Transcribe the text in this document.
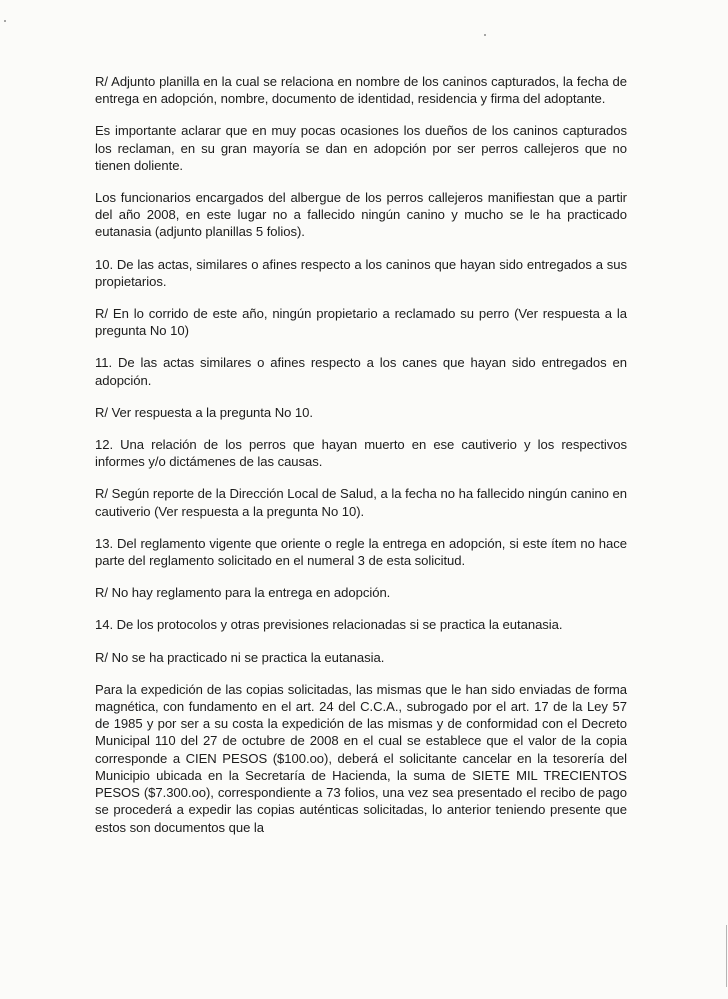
R/ Adjunto planilla en la cual se relaciona en nombre de los caninos capturados, la fecha de entrega en adopción, nombre, documento de identidad, residencia y firma del adoptante.

Es importante aclarar que en muy pocas ocasiones los dueños de los caninos capturados los reclaman, en su gran mayoría se dan en adopción por ser perros callejeros que no tienen doliente.

Los funcionarios encargados del albergue de los perros callejeros manifiestan que a partir del año 2008, en este lugar no a fallecido ningún canino y mucho se le ha practicado eutanasia (adjunto planillas 5 folios).

10. De las actas, similares o afines respecto a los caninos que hayan sido entregados a sus propietarios.

R/ En lo corrido de este año, ningún propietario a reclamado su perro (Ver respuesta a la pregunta No 10)

11. De las actas similares o afines respecto a los canes que hayan sido entregados en adopción.

R/ Ver respuesta a la pregunta No 10.

12. Una relación de los perros que hayan muerto en ese cautiverio y los respectivos informes y/o dictámenes de las causas.

R/ Según reporte de la Dirección Local de Salud, a la fecha no ha fallecido ningún canino en cautiverio (Ver respuesta a la pregunta No 10).

13. Del reglamento vigente que oriente o regle la entrega en adopción, si este ítem no hace parte del reglamento solicitado en el numeral 3 de esta solicitud.

R/ No hay reglamento para la entrega en adopción.

14. De los protocolos y otras previsiones relacionadas si se practica la eutanasia.

R/ No se ha practicado ni se practica la eutanasia.

Para la expedición de las copias solicitadas, las mismas que le han sido enviadas de forma magnética, con fundamento en el art. 24 del C.C.A., subrogado por el art. 17 de la Ley 57 de 1985 y por ser a su costa la expedición de las mismas y de conformidad con el Decreto Municipal 110 del 27 de octubre de 2008 en el cual se establece que el valor de la copia corresponde a CIEN PESOS ($100.oo), deberá el solicitante cancelar en la tesorería del Municipio ubicada en la Secretaría de Hacienda, la suma de SIETE MIL TRECIENTOS PESOS ($7.300.oo), correspondiente a 73 folios, una vez sea presentado el recibo de pago se procederá a expedir las copias auténticas solicitadas, lo anterior teniendo presente que estos son documentos que la
